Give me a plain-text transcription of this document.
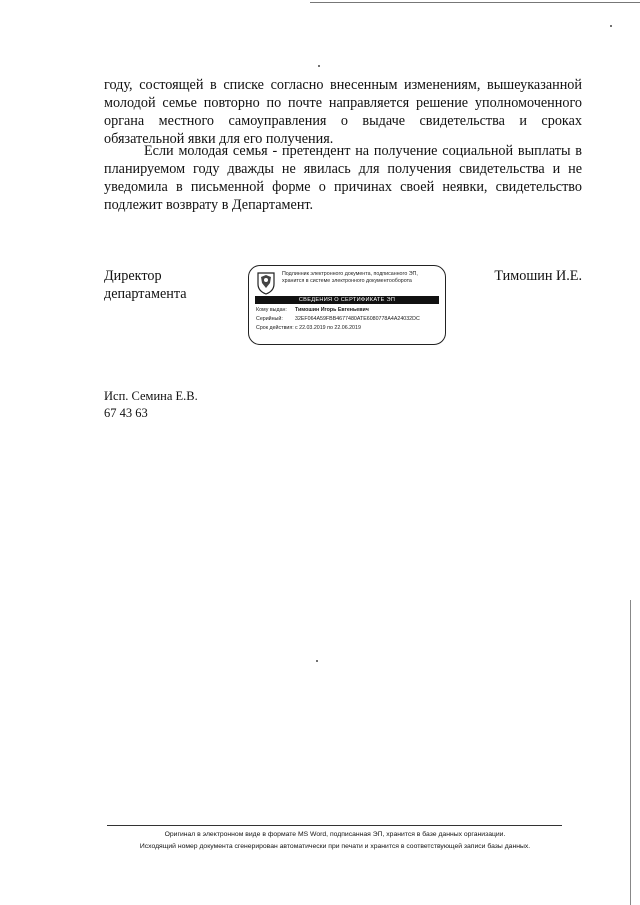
году, состоящей в списке согласно внесенным изменениям, вышеуказанной
молодой семье повторно по почте направляется решение уполномоченного
органа местного самоуправления о выдаче свидетельства и сроках
обязательной явки для его получения.
Если молодая семья - претендент на получение социальной выплаты в
планируемом году дважды не явилась для получения свидетельства и не
уведомила в письменной форме о причинах своей неявки, свидетельство
подлежит возврату в Департамент.
Директор
департамента
Подлинник электронного документа, подписанного ЭП,
хранится в системе электронного документооборота
СВЕДЕНИЯ О СЕРТИФИКАТЕ ЭП
Кому выдан: Тимошин Игорь Евгеньевич
Серийный: 32EF064A59FBB4677480ATE6080778A4A24032DC
Срок действия:с 22.03.2019 по 22.06.2019
Тимошин И.Е.
Исп. Семина Е.В.
67 43 63
Оригинал в электронном виде в формате MS Word, подписанная ЭП, хранится в базе данных организации.
Исходящий номер документа сгенерирован автоматически при печати и хранится в соответствующей записи базы данных.
